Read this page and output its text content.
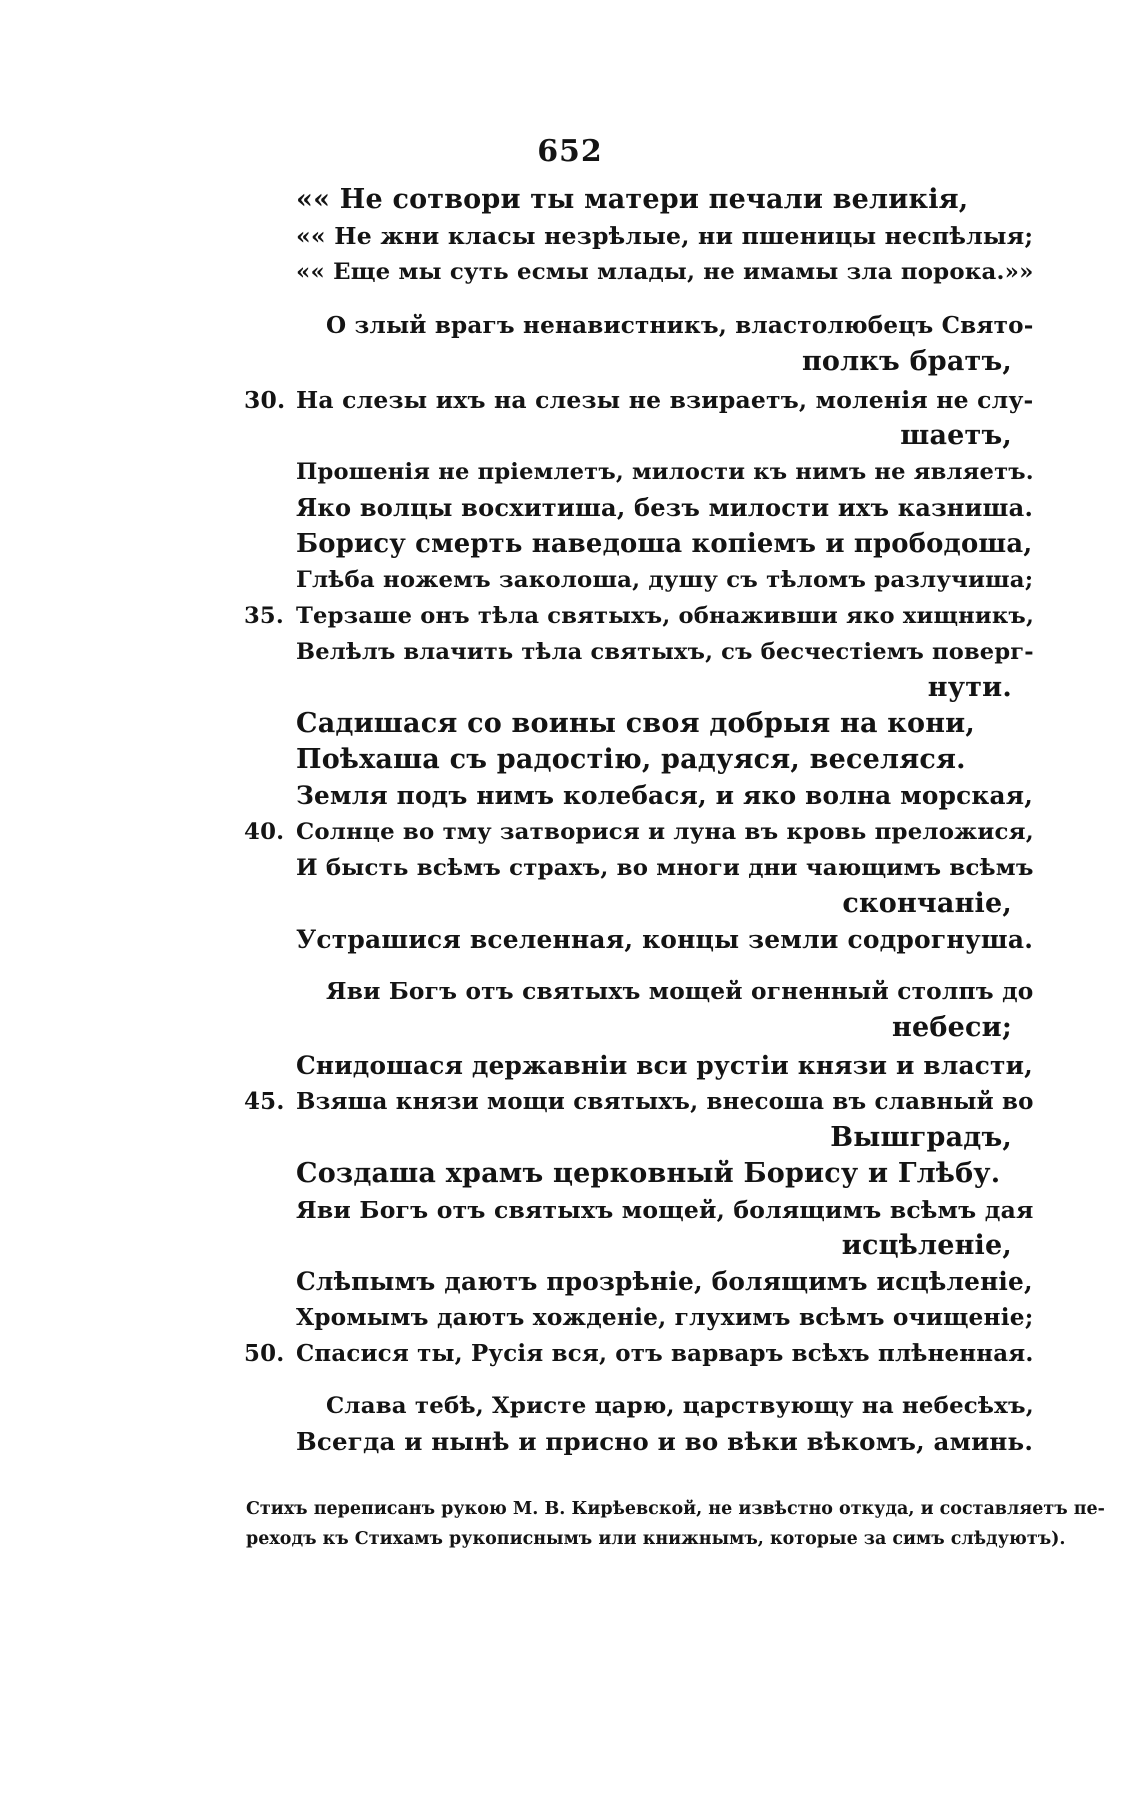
652
«« Не сотвори ты матери печали великія,
«« Не жни класы незрѣлые, ни пшеницы неспѣлыя;
«« Еще мы суть есмы млады, не имамы зла порока.»»
О злый врагъ ненавистникъ, властолюбецъ Свято-
полкъ братъ,
30. На слезы ихъ на слезы не взираетъ, моленія не слу-
шаетъ,
Прошенія не пріемлетъ, милости къ нимъ не являетъ.
Яко волцы восхитиша, безъ милости ихъ казниша.
Борису смерть наведоша копіемъ и прободоша,
Глѣба ножемъ заколоша, душу съ тѣломъ разлучиша;
35. Терзаше онъ тѣла святыхъ, обнаживши яко хищникъ,
Велѣлъ влачить тѣла святыхъ, съ бесчестіемъ поверг-
нути.
Садишася со воины своя добрыя на кони,
Поѣхаша съ радостію, радуяся, веселяся.
Земля подъ нимъ колебася, и яко волна морская,
40. Солнце во тму затворися и луна въ кровь преложися,
И бысть всѣмъ страхъ, во многи дни чающимъ всѣмъ
скончаніе,
Устрашися вселенная, концы земли содрогнуша.
Яви Богъ отъ святыхъ мощей огненный столпъ до
небеси;
Снидошася державніи вси рустіи князи и власти,
45. Взяша князи мощи святыхъ, внесоша въ славный во
Вышградъ,
Создаша храмъ церковный Борису и Глѣбу.
Яви Богъ отъ святыхъ мощей, болящимъ всѣмъ дая
исцѣленіе,
Слѣпымъ даютъ прозрѣніе, болящимъ исцѣленіе,
Хромымъ даютъ хожденіе, глухимъ всѣмъ очищеніе;
50. Спасися ты, Русія вся, отъ варваръ всѣхъ плѣненная.
Слава тебѣ, Христе царю, царствующу на небесѣхъ,
Всегда и нынѣ и присно и во вѣки вѣкомъ, аминь.
Стихъ переписанъ рукою М. В. Кирѣевской, не извѣстно откуда, и составляетъ пе-
реходъ къ Стихамъ рукописнымъ или книжнымъ, которые за симъ слѣдуютъ).
